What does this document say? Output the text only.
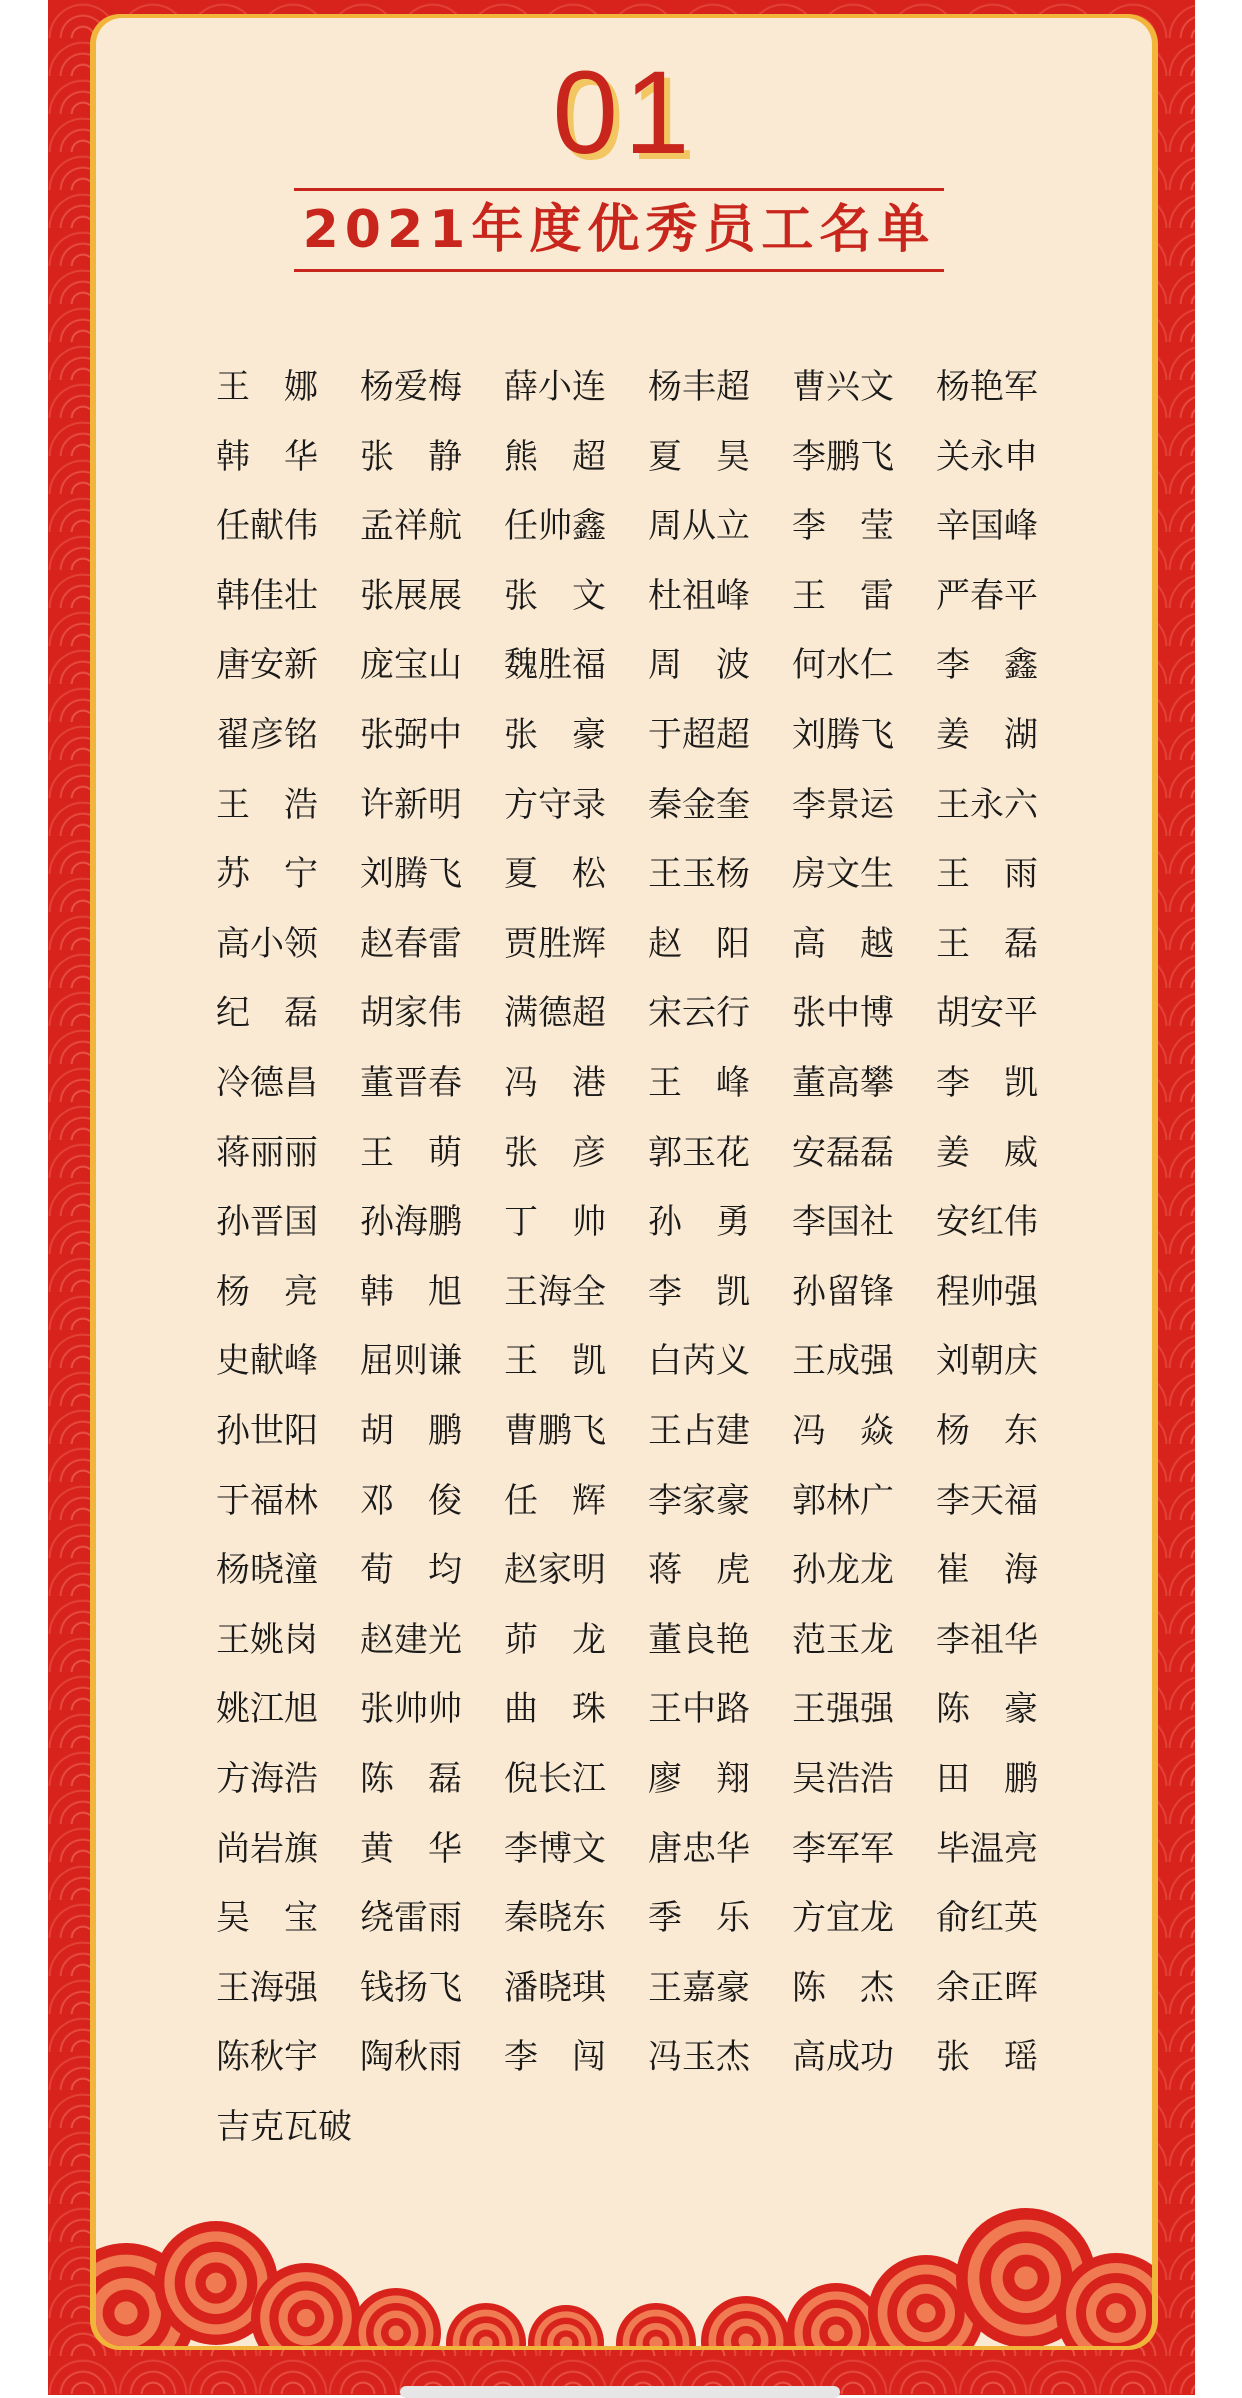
01
2021年度优秀员工名单
王　娜	杨爱梅	薛小连	杨丰超	曹兴文	杨艳军
韩　华	张　静	熊　超	夏　昊	李鹏飞	关永申
任献伟	孟祥航	任帅鑫	周从立	李　莹	辛国峰
韩佳壮	张展展	张　文	杜祖峰	王　雷	严春平
唐安新	庞宝山	魏胜福	周　波	何水仁	李　鑫
翟彦铭	张弼中	张　豪	于超超	刘腾飞	姜　湖
王　浩	许新明	方守录	秦金奎	李景运	王永六
苏　宁	刘腾飞	夏　松	王玉杨	房文生	王　雨
高小领	赵春雷	贾胜辉	赵　阳	高　越	王　磊
纪　磊	胡家伟	满德超	宋云行	张中博	胡安平
冷德昌	董晋春	冯　港	王　峰	董高攀	李　凯
蒋丽丽	王　萌	张　彦	郭玉花	安磊磊	姜　威
孙晋国	孙海鹏	丁　帅	孙　勇	李国社	安红伟
杨　亮	韩　旭	王海全	李　凯	孙留锋	程帅强
史献峰	屈则谦	王　凯	白芮义	王成强	刘朝庆
孙世阳	胡　鹏	曹鹏飞	王占建	冯　焱	杨　东
于福林	邓　俊	任　辉	李家豪	郭林广	李天福
杨晓潼	荀　均	赵家明	蒋　虎	孙龙龙	崔　海
王姚岗	赵建光	茆　龙	董良艳	范玉龙	李祖华
姚江旭	张帅帅	曲　珠	王中路	王强强	陈　豪
方海浩	陈　磊	倪长江	廖　翔	吴浩浩	田　鹏
尚岩旗	黄　华	李博文	唐忠华	李军军	毕温亮
吴　宝	绕雷雨	秦晓东	季　乐	方宜龙	俞红英
王海强	钱扬飞	潘晓琪	王嘉豪	陈　杰	余正晖
陈秋宇	陶秋雨	李　闯	冯玉杰	高成功	张　瑶
吉克瓦破
